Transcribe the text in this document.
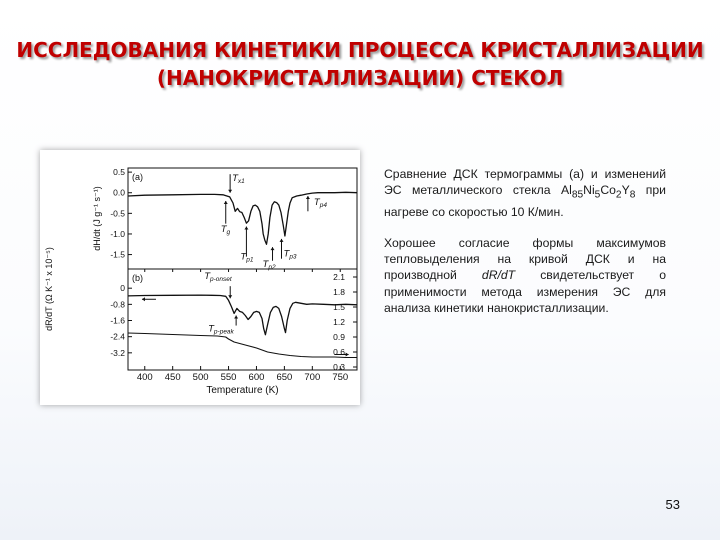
ИССЛЕДОВАНИЯ КИНЕТИКИ ПРОЦЕССА КРИСТАЛЛИЗАЦИИ
(НАНОКРИСТАЛЛИЗАЦИИ) СТЕКОЛ
400 450 500 550 600 650 700 750
Temperature (K)
0.5
0.0
-0.5
-1.0
-1.5
dH/dt (J g⁻¹ s⁻¹)
0
-0.8
-1.6
-2.4
-3.2
dR/dT (Ω K⁻¹ x 10⁻⁵)	2.1
1.8
1.5
1.2
0.9
0.6
0.3
(a)
(b)
$T_g$
$T_{x1}$
$T_{p1}$ $T_{p2}$
$T_{p3}$
$T_{p4}$
$T_{p-onset}$
$T_{p-peak}$

Сравнение ДСК термограммы (а) и изменений ЭС металлического стекла $Al_{85}Ni_5Co_2Y_8$ при нагреве со скоростью 10 К/мин.

Хорошее согласие формы максимумов тепловыделения на кривой ДСК и на производной dR/dT свидетельствует о применимости метода измерения ЭС для анализа кинетики нанокристаллизации.

53
